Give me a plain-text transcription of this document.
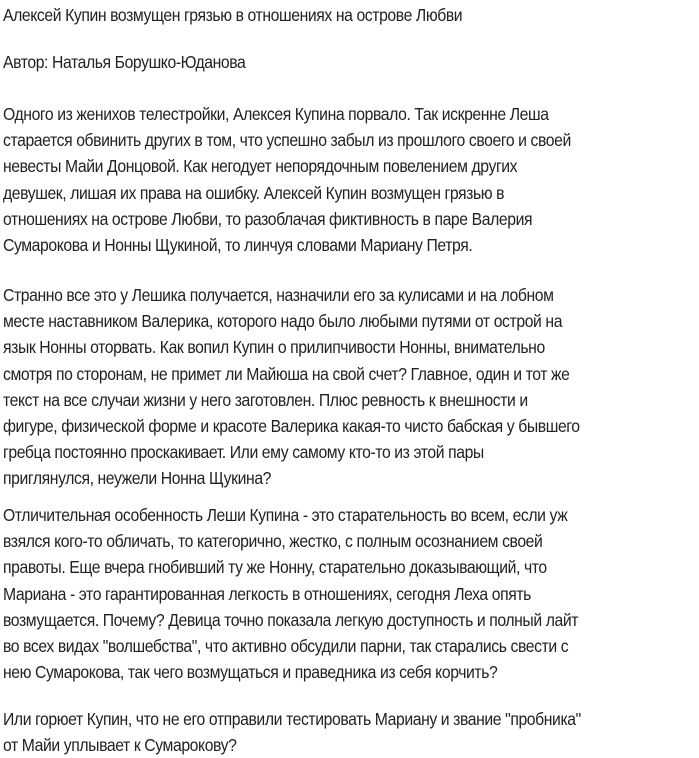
Алексей Купин возмущен грязью в отношениях на острове Любви
Автор: Наталья Борушко-Юданова
Одного из женихов телестройки, Алексея Купина порвало. Так искренне Леша
старается обвинить других в том, что успешно забыл из прошлого своего и своей
невесты Майи Донцовой. Как негодует непорядочным повелением других
девушек, лишая их права на ошибку. Алексей Купин возмущен грязью в
отношениях на острове Любви, то разоблачая фиктивность в паре Валерия
Сумарокова и Нонны Щукиной, то линчуя словами Мариану Петря.
Странно все это у Лешика получается, назначили его за кулисами и на лобном
месте наставником Валерика, которого надо было любыми путями от острой на
язык Нонны оторвать. Как вопил Купин о прилипчивости Нонны, внимательно
смотря по сторонам, не примет ли Майюша на свой счет? Главное, один и тот же
текст на все случаи жизни у него заготовлен. Плюс ревность к внешности и
фигуре, физической форме и красоте Валерика какая-то чисто бабская у бывшего
гребца постоянно проскакивает. Или ему самому кто-то из этой пары
приглянулся, неужели Нонна Щукина?
Отличительная особенность Леши Купина - это старательность во всем, если уж
взялся кого-то обличать, то категорично, жестко, с полным осознанием своей
правоты. Еще вчера гнобивший ту же Нонну, старательно доказывающий, что
Мариана - это гарантированная легкость в отношениях, сегодня Леха опять
возмущается. Почему? Девица точно показала легкую доступность и полный лайт
во всех видах "волшебства", что активно обсудили парни, так старались свести с
нею Сумарокова, так чего возмущаться и праведника из себя корчить?
Или горюет Купин, что не его отправили тестировать Мариану и звание "пробника"
от Майи уплывает к Сумарокову?
